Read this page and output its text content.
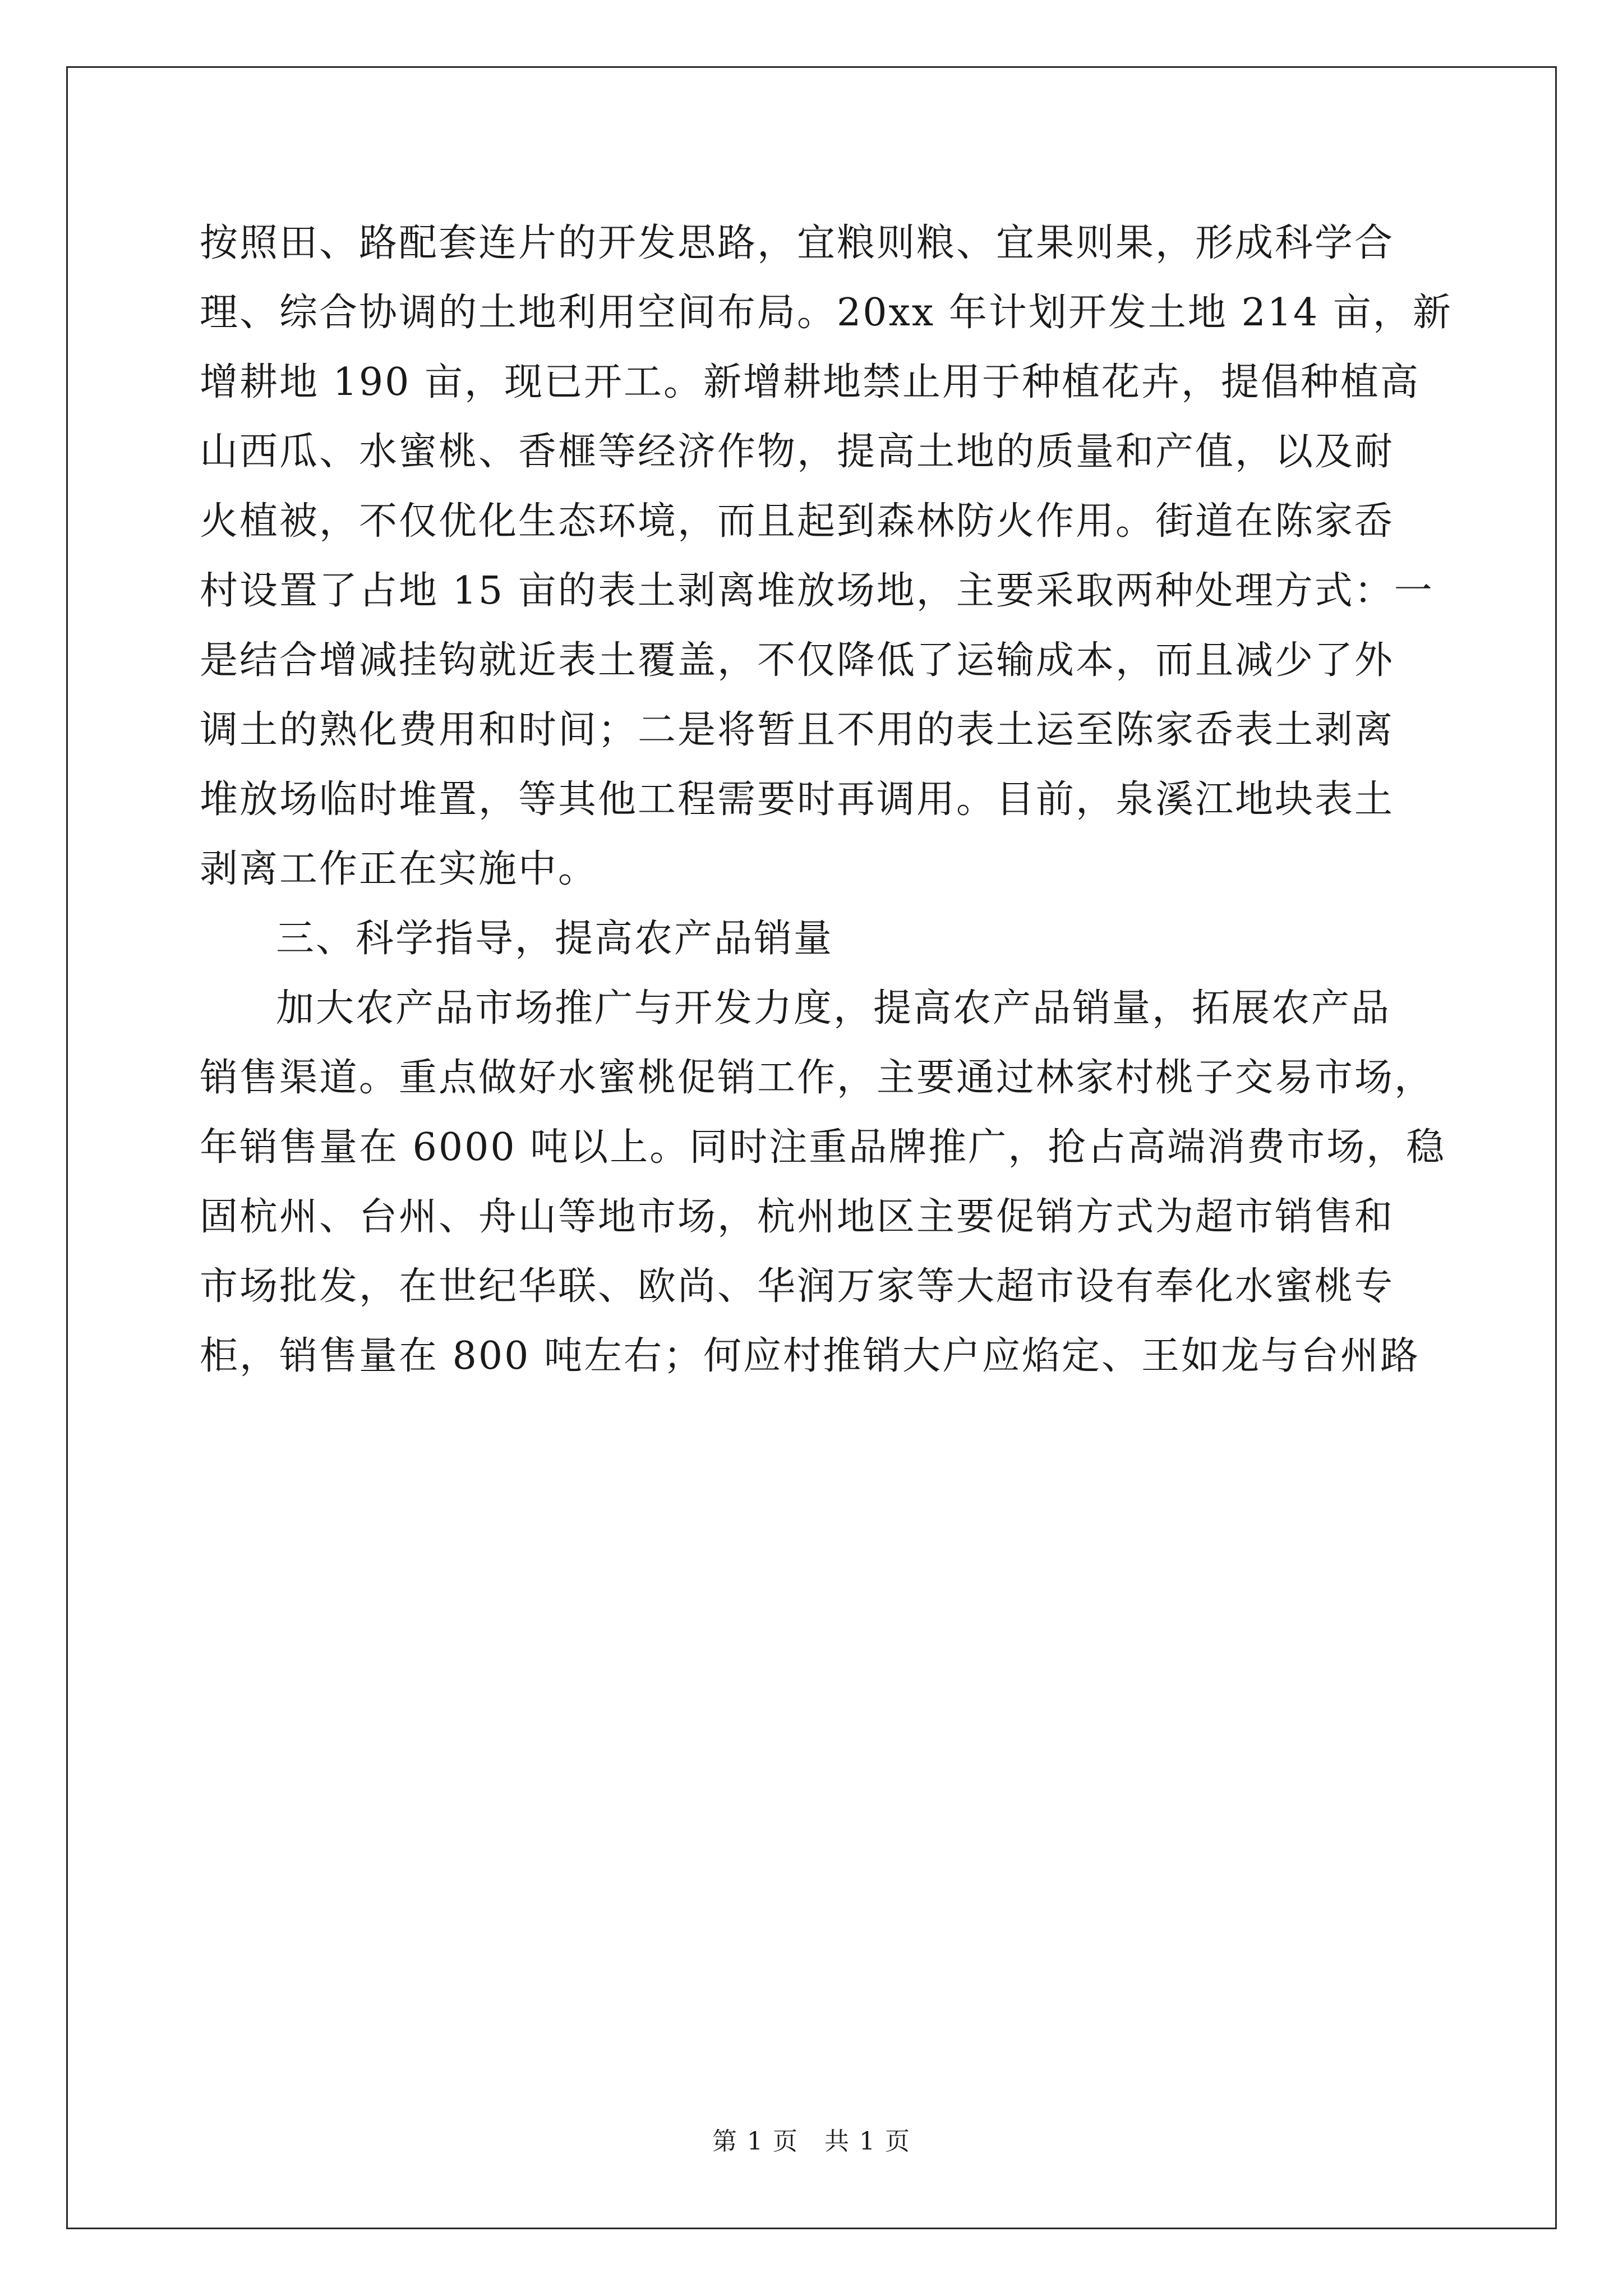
按照田、路配套连片的开发思路，宜粮则粮、宜果则果，形成科学合
理、综合协调的土地利用空间布局。20xx 年计划开发土地 214 亩，新
增耕地 190 亩，现已开工。新增耕地禁止用于种植花卉，提倡种植高
山西瓜、水蜜桃、香榧等经济作物，提高土地的质量和产值，以及耐
火植被，不仅优化生态环境，而且起到森林防火作用。街道在陈家岙
村设置了占地 15 亩的表土剥离堆放场地，主要采取两种处理方式：一
是结合增减挂钩就近表土覆盖，不仅降低了运输成本，而且减少了外
调土的熟化费用和时间；二是将暂且不用的表土运至陈家岙表土剥离
堆放场临时堆置，等其他工程需要时再调用。目前，泉溪江地块表土
剥离工作正在实施中。
三、科学指导，提高农产品销量
加大农产品市场推广与开发力度，提高农产品销量，拓展农产品
销售渠道。重点做好水蜜桃促销工作，主要通过林家村桃子交易市场，
年销售量在 6000 吨以上。同时注重品牌推广，抢占高端消费市场，稳
固杭州、台州、舟山等地市场，杭州地区主要促销方式为超市销售和
市场批发，在世纪华联、欧尚、华润万家等大超市设有奉化水蜜桃专
柜，销售量在 800 吨左右；何应村推销大户应焰定、王如龙与台州路
第 1 页 共 1 页
